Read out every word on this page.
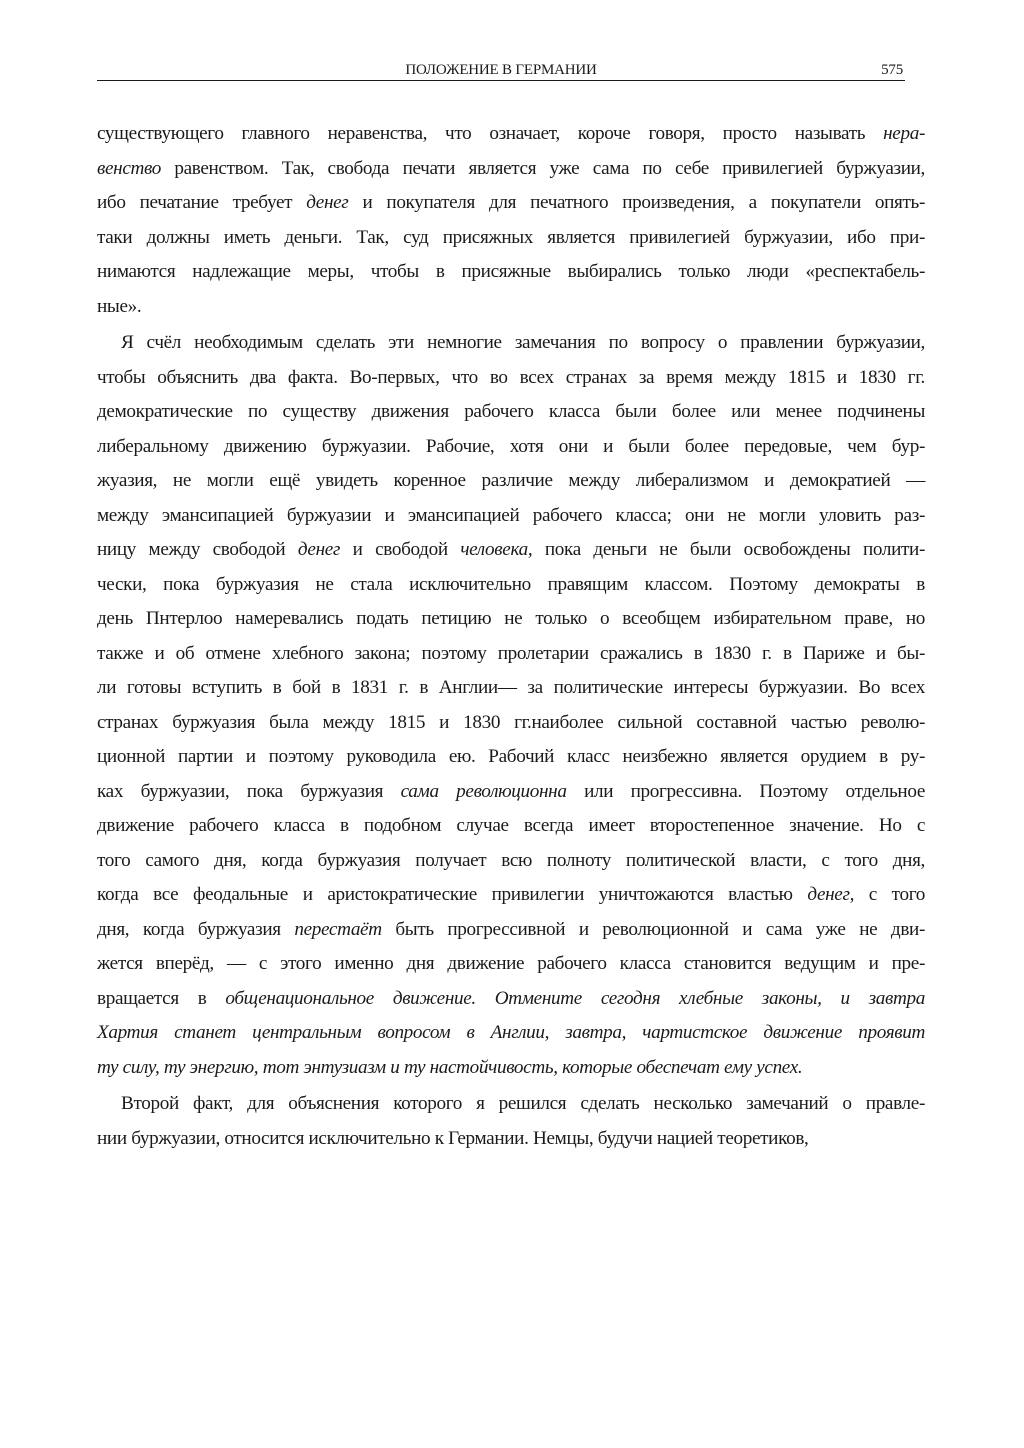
ПОЛОЖЕНИЕ В ГЕРМАНИИ	575

существующего главного неравенства, что означает, короче говоря, просто называть нера-
венство равенством. Так, свобода печати является уже сама по себе привилегией буржуазии,
ибо печатание требует денег и покупателя для печатного произведения, а покупатели опять-
таки должны иметь деньги. Так, суд присяжных является привилегией буржуазии, ибо при-
нимаются надлежащие меры, чтобы в присяжные выбирались только люди «респектабель-
ные».

Я счёл необходимым сделать эти немногие замечания по вопросу о правлении буржуазии,
чтобы объяснить два факта. Во-первых, что во всех странах за время между 1815 и 1830 гг.
демократические по существу движения рабочего класса были более или менее подчинены
либеральному движению буржуазии. Рабочие, хотя они и были более передовые, чем бур-
жуазия, не могли ещё увидеть коренное различие между либерализмом и демократией —
между эмансипацией буржуазии и эмансипацией рабочего класса; они не могли уловить раз-
ницу между свободой денег и свободой человека, пока деньги не были освобождены полити-
чески, пока буржуазия не стала исключительно правящим классом. Поэтому демократы в
день Пнтерлоо намеревались подать петицию не только о всеобщем избирательном праве, но
также и об отмене хлебного закона; поэтому пролетарии сражались в 1830 г. в Париже и бы-
ли готовы вступить в бой в 1831 г. в Англии— за политические интересы буржуазии. Во всех
странах буржуазия была между 1815 и 1830 гг.наиболее сильной составной частью револю-
ционной партии и поэтому руководила ею. Рабочий класс неизбежно является орудием в ру-
ках буржуазии, пока буржуазия сама революционна или прогрессивна. Поэтому отдельное
движение рабочего класса в подобном случае всегда имеет второстепенное значение. Но с
того самого дня, когда буржуазия получает всю полноту политической власти, с того дня,
когда все феодальные и аристократические привилегии уничтожаются властью денег, с того
дня, когда буржуазия перестаёт быть прогрессивной и революционной и сама уже не дви-
жется вперёд, — с этого именно дня движение рабочего класса становится ведущим и пре-
вращается в общенациональное движение. Отмените сегодня хлебные законы, и завтра
Хартия станет центральным вопросом в Англии, завтра, чартистское движение проявит
ту силу, ту энергию, тот энтузиазм и ту настойчивость, которые обеспечат ему успех.

Второй факт, для объяснения которого я решился сделать несколько замечаний о правле-
нии буржуазии, относится исключительно к Германии. Немцы, будучи нацией теоретиков,
